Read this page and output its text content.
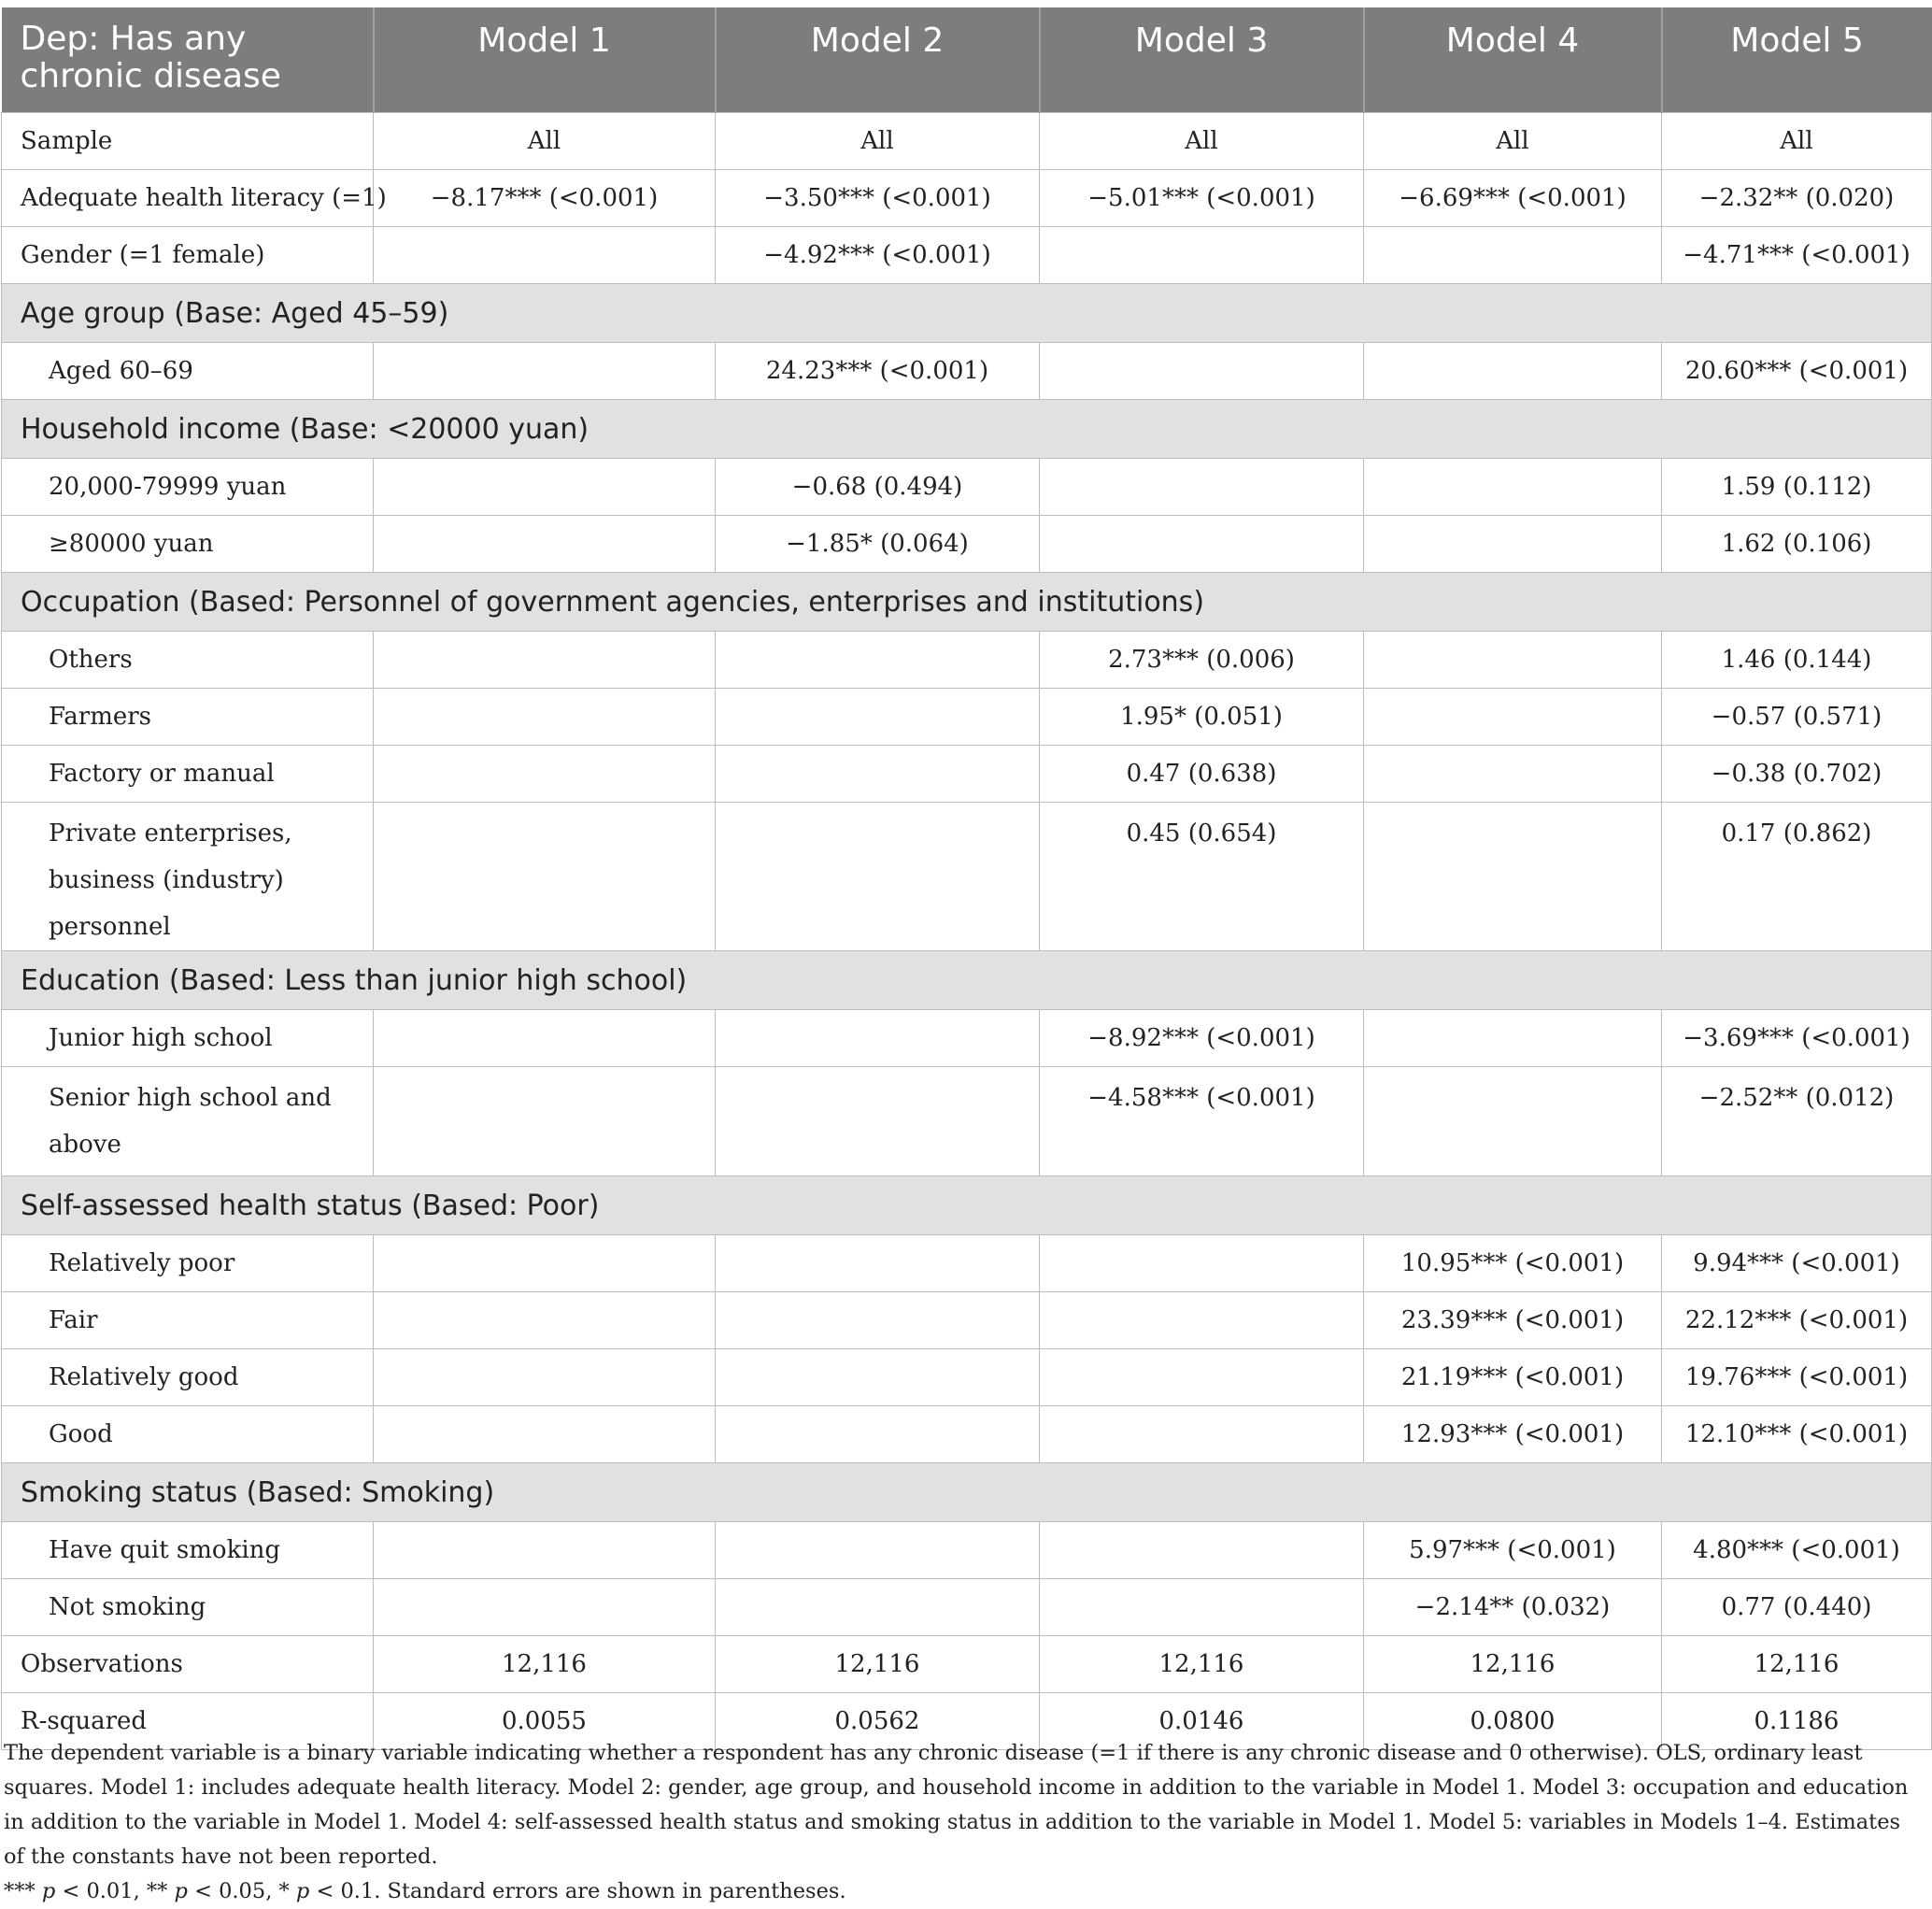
Dep: Has any chronic disease	Model 1	Model 2	Model 3	Model 4	Model 5
Sample	All	All	All	All	All
Adequate health literacy (=1)	−8.17*** (<0.001)	−3.50*** (<0.001)	−5.01*** (<0.001)	−6.69*** (<0.001)	−2.32** (0.020)
Gender (=1 female)		−4.92*** (<0.001)			−4.71*** (<0.001)
Age group (Base: Aged 45–59)					
Aged 60–69		24.23*** (<0.001)			20.60*** (<0.001)
Household income (Base: <20000 yuan)					
20,000-79999 yuan		−0.68 (0.494)			1.59 (0.112)
≥80000 yuan		−1.85* (0.064)			1.62 (0.106)
Occupation (Based: Personnel of government agencies, enterprises and institutions)					
Others			2.73*** (0.006)		1.46 (0.144)
Farmers			1.95* (0.051)		−0.57 (0.571)
Factory or manual			0.47 (0.638)		−0.38 (0.702)
Private enterprises, business (industry) personnel			0.45 (0.654)		0.17 (0.862)
Education (Based: Less than junior high school)					
Junior high school			−8.92*** (<0.001)		−3.69*** (<0.001)
Senior high school and above			−4.58*** (<0.001)		−2.52** (0.012)
Self-assessed health status (Based: Poor)					
Relatively poor				10.95*** (<0.001)	9.94*** (<0.001)
Fair				23.39*** (<0.001)	22.12*** (<0.001)
Relatively good				21.19*** (<0.001)	19.76*** (<0.001)
Good				12.93*** (<0.001)	12.10*** (<0.001)
Smoking status (Based: Smoking)					
Have quit smoking				5.97*** (<0.001)	4.80*** (<0.001)
Not smoking				−2.14** (0.032)	0.77 (0.440)
Observations	12,116	12,116	12,116	12,116	12,116
R-squared	0.0055	0.0562	0.0146	0.0800	0.1186
The dependent variable is a binary variable indicating whether a respondent has any chronic disease (=1 if there is any chronic disease and 0 otherwise). OLS, ordinary least squares. Model 1: includes adequate health literacy. Model 2: gender, age group, and household income in addition to the variable in Model 1. Model 3: occupation and education in addition to the variable in Model 1. Model 4: self-assessed health status and smoking status in addition to the variable in Model 1. Model 5: variables in Models 1–4. Estimates of the constants have not been reported.
*** p < 0.01, ** p < 0.05, * p < 0.1. Standard errors are shown in parentheses.
